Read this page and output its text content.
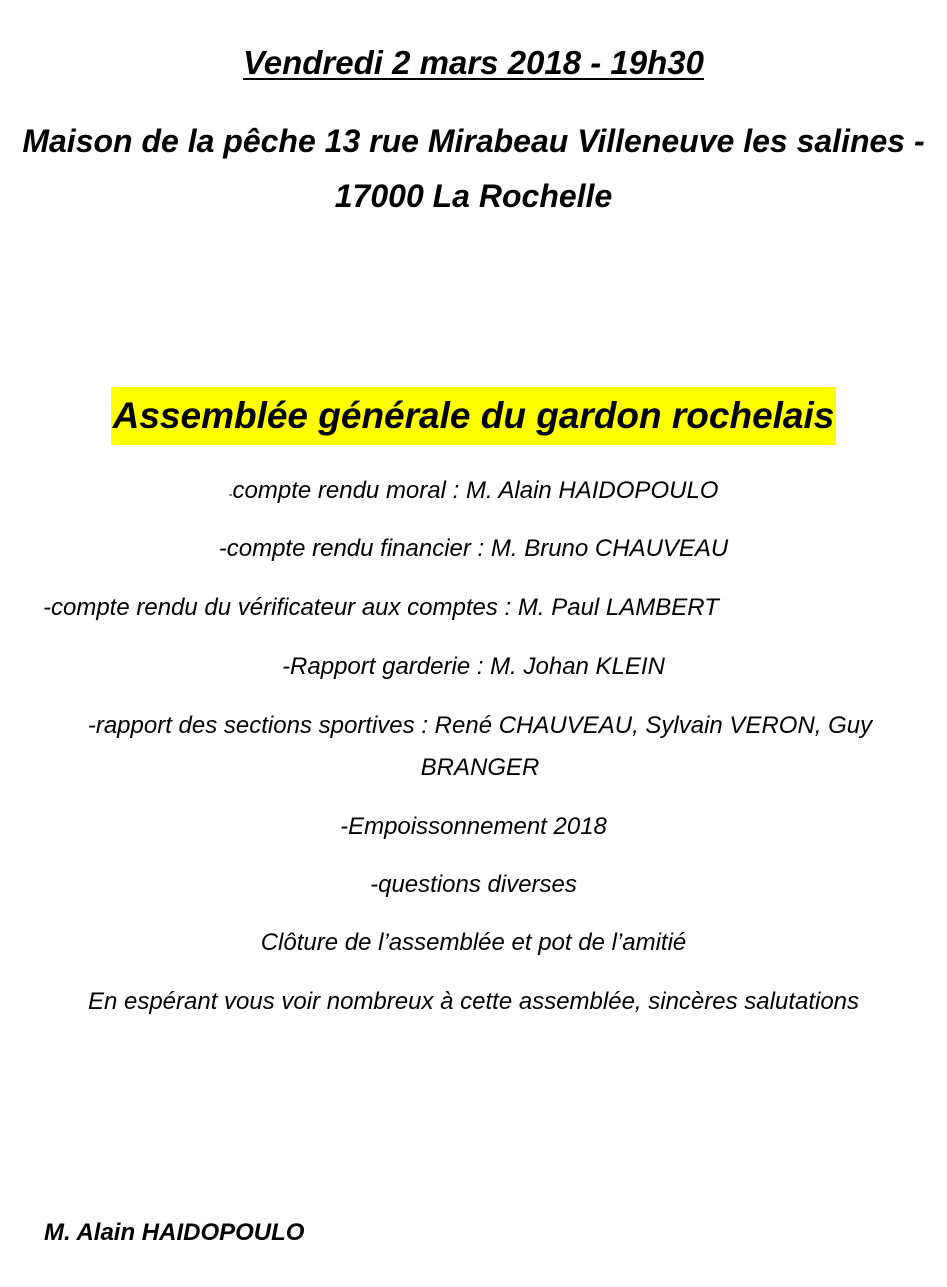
Vendredi 2 mars 2018 - 19h30
Maison de la pêche 13 rue Mirabeau Villeneuve les salines - 17000 La Rochelle
Assemblée générale du gardon rochelais
-compte rendu moral : M. Alain HAIDOPOULO
-compte rendu financier : M. Bruno CHAUVEAU
-compte rendu du vérificateur aux comptes : M. Paul LAMBERT
-Rapport garderie : M. Johan KLEIN
-rapport des sections sportives : René CHAUVEAU, Sylvain VERON, Guy BRANGER
-Empoissonnement 2018
-questions diverses
Clôture de l’assemblée et pot de l’amitié
En espérant vous voir nombreux à cette assemblée, sincères salutations
M. Alain HAIDOPOULO
